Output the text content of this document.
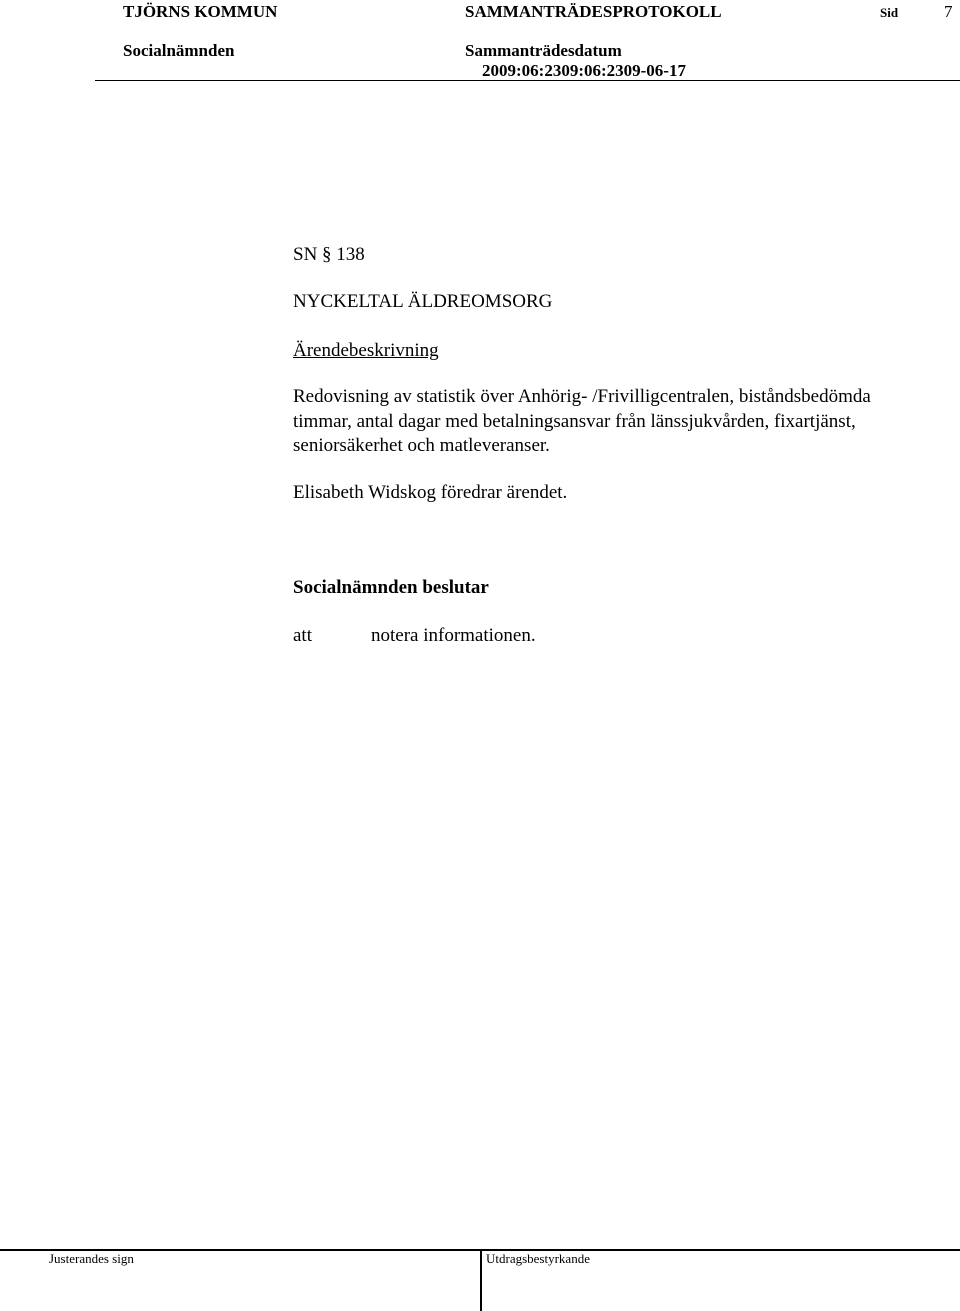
TJÖRNS KOMMUN	SAMMANTRÄDESPROTOKOLL	Sid	7
Socialnämnden	Sammanträdesdatum
2009:06:2309:06:2309-06-17
SN § 138
NYCKELTAL ÄLDREOMSORG
Ärendebeskrivning
Redovisning av statistik över Anhörig- /Frivilligcentralen, biståndsbedömda
timmar, antal dagar med betalningsansvar från länssjukvården, fixartjänst,
seniorsäkerhet och matleveranser.
Elisabeth Widskog föredrar ärendet.
Socialnämnden beslutar
att	notera informationen.
Justerandes sign	Utdragsbestyrkande
